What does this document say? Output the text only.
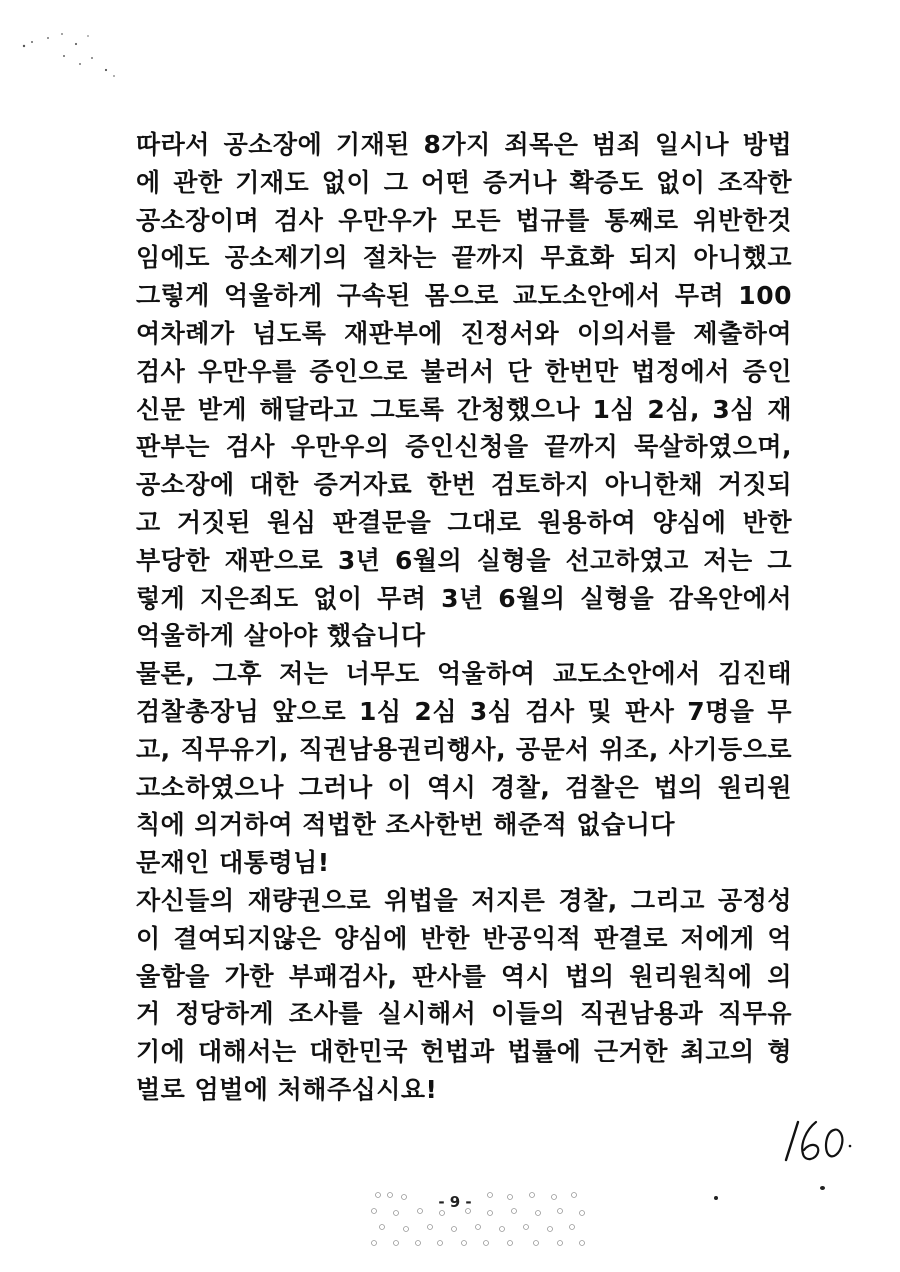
따라서 공소장에 기재된 8가지 죄목은 범죄 일시나 방법
에 관한 기재도 없이 그 어떤 증거나 확증도 없이 조작한
공소장이며 검사 우만우가 모든 법규를 통째로 위반한것
임에도 공소제기의 절차는 끝까지 무효화 되지 아니했고
그렇게 억울하게 구속된 몸으로 교도소안에서 무려 100
여차례가 넘도록 재판부에 진정서와 이의서를 제출하여
검사 우만우를 증인으로 불러서 단 한번만 법정에서 증인
신문 받게 해달라고 그토록 간청했으나 1심 2심, 3심 재
판부는 검사 우만우의 증인신청을 끝까지 묵살하였으며,
공소장에 대한 증거자료 한번 검토하지 아니한채 거짓되
고 거짓된 원심 판결문을 그대로 원용하여 양심에 반한
부당한 재판으로 3년 6월의 실형을 선고하였고 저는 그
렇게 지은죄도 없이 무려 3년 6월의 실형을 감옥안에서
억울하게 살아야 했습니다
물론, 그후 저는 너무도 억울하여 교도소안에서 김진태
검찰총장님 앞으로 1심 2심 3심 검사 및 판사 7명을 무
고, 직무유기, 직권남용권리행사, 공문서 위조, 사기등으로
고소하였으나 그러나 이 역시 경찰, 검찰은 법의 원리원
칙에 의거하여 적법한 조사한번 해준적 없습니다
문재인 대통령님!
자신들의 재량권으로 위법을 저지른 경찰, 그리고 공정성
이 결여되지않은 양심에 반한 반공익적 판결로 저에게 억
울함을 가한 부패검사, 판사를 역시 법의 원리원칙에 의
거 정당하게 조사를 실시해서 이들의 직권남용과 직무유
기에 대해서는 대한민국 헌법과 법률에 근거한 최고의 형
벌로 엄벌에 처해주십시요!
- 9 -
